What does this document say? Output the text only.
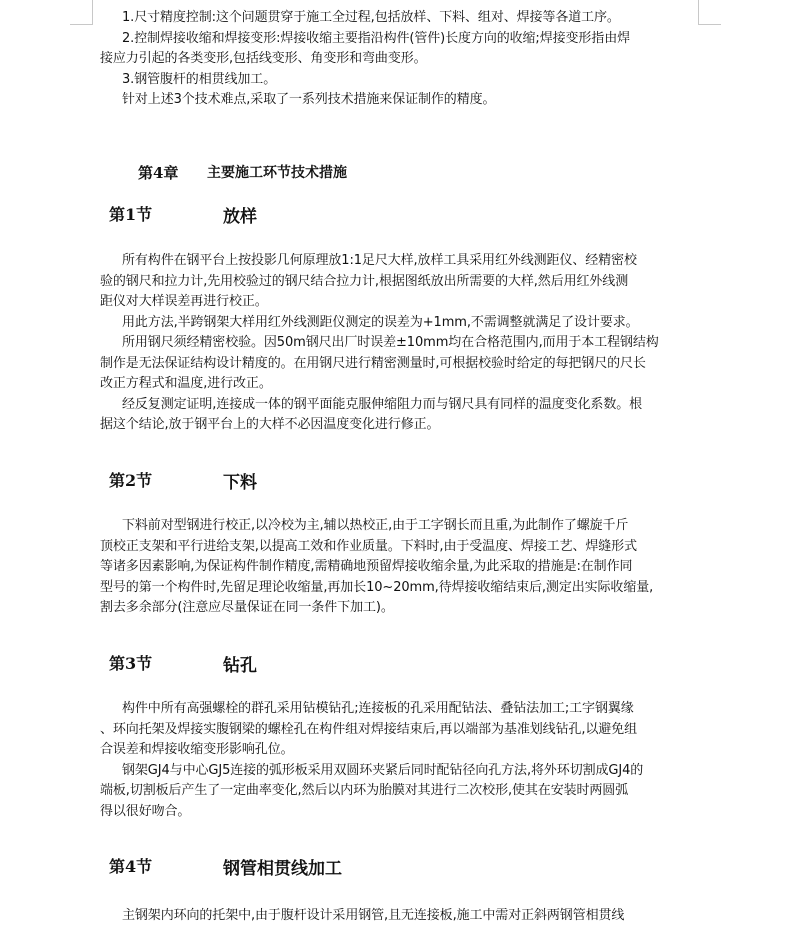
1.尺寸精度控制:这个问题贯穿于施工全过程,包括放样、下料、组对、焊接等各道工序。

2.控制焊接收缩和焊接变形:焊接收缩主要指沿构件(管件)长度方向的收缩;焊接变形指由焊
接应力引起的各类变形,包括线变形、角变形和弯曲变形。

3.钢管腹杆的相贯线加工。

针对上述3个技术难点,采取了一系列技术措施来保证制作的精度。

第4章 主要施工环节技术措施
第1节	放样

所有构件在钢平台上按投影几何原理放1:1足尺大样,放样工具采用红外线测距仪、经精密校
验的钢尺和拉力计,先用校验过的钢尺结合拉力计,根据图纸放出所需要的大样,然后用红外线测
距仪对大样误差再进行校正。

用此方法,半跨钢架大样用红外线测距仪测定的误差为+1mm,不需调整就满足了设计要求。

所用钢尺须经精密校验。因50m钢尺出厂时误差±10mm均在合格范围内,而用于本工程钢结构
制作是无法保证结构设计精度的。在用钢尺进行精密测量时,可根据校验时给定的每把钢尺的尺长
改正方程式和温度,进行改正。

经反复测定证明,连接成一体的钢平面能克服伸缩阻力而与钢尺具有同样的温度变化系数。根
据这个结论,放于钢平台上的大样不必因温度变化进行修正。

第2节	下料

下料前对型钢进行校正,以冷校为主,辅以热校正,由于工字钢长而且重,为此制作了螺旋千斤
顶校正支架和平行进给支架,以提高工效和作业质量。下料时,由于受温度、焊接工艺、焊缝形式
等诸多因素影响,为保证构件制作精度,需精确地预留焊接收缩余量,为此采取的措施是:在制作同
型号的第一个构件时,先留足理论收缩量,再加长10~20mm,待焊接收缩结束后,测定出实际收缩量,
割去多余部分(注意应尽量保证在同一条件下加工)。

第3节	钻孔

构件中所有高强螺栓的群孔采用钻模钻孔;连接板的孔采用配钻法、叠钻法加工;工字钢翼缘
、环向托架及焊接实腹钢梁的螺栓孔在构件组对焊接结束后,再以端部为基准划线钻孔,以避免组
合误差和焊接收缩变形影响孔位。

钢架GJ4与中心GJ5连接的弧形板采用双圆环夹紧后同时配钻径向孔方法,将外环切割成GJ4的
端板,切割板后产生了一定曲率变化,然后以内环为胎膜对其进行二次校形,使其在安装时两圆弧
得以很好吻合。

第4节	钢管相贯线加工

主钢架内环向的托架中,由于腹杆设计采用钢管,且无连接板,施工中需对正斜两钢管相贯线
